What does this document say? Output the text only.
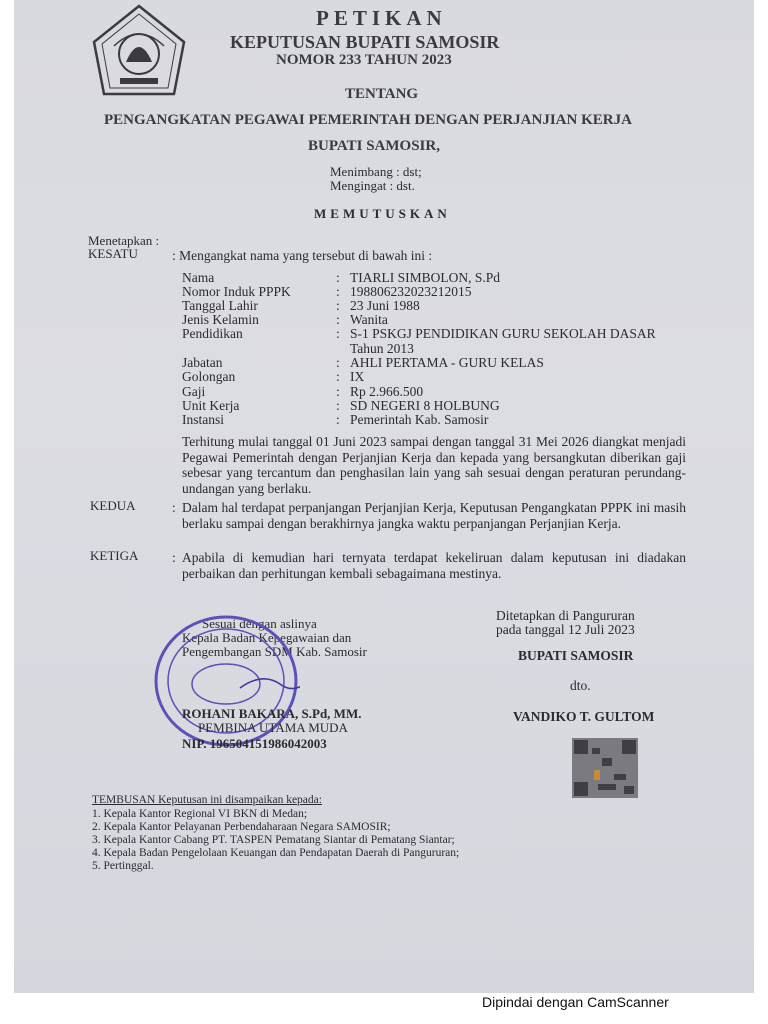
PETIKAN
KEPUTUSAN BUPATI SAMOSIR
NOMOR 233 TAHUN 2023
TENTANG
PENGANGKATAN PEGAWAI PEMERINTAH DENGAN PERJANJIAN KERJA
BUPATI SAMOSIR,
Menimbang : dst;
Mengingat : dst.
MEMUTUSKAN
Menetapkan :
KESATU	: Mengangkat nama yang tersebut di bawah ini :
Nama	: TIARLI SIMBOLON, S.Pd
Nomor Induk PPPK	: 198806232023212015
Tanggal Lahir	: 23 Juni 1988
Jenis Kelamin	: Wanita
Pendidikan	: S-1 PSKGJ PENDIDIKAN GURU SEKOLAH DASAR
Tahun 2013
Jabatan	: AHLI PERTAMA - GURU KELAS
Golongan	: IX
Gaji	: Rp 2.966.500
Unit Kerja	: SD NEGERI 8 HOLBUNG
Instansi	: Pemerintah Kab. Samosir
Terhitung mulai tanggal 01 Juni 2023 sampai dengan tanggal 31 Mei 2026 diangkat menjadi Pegawai Pemerintah dengan Perjanjian Kerja dan kepada yang bersangkutan diberikan gaji sebesar yang tercantum dan penghasilan lain yang sah sesuai dengan peraturan perundang-undangan yang berlaku.
KEDUA	: Dalam hal terdapat perpanjangan Perjanjian Kerja, Keputusan Pengangkatan PPPK ini masih berlaku sampai dengan berakhirnya jangka waktu perpanjangan Perjanjian Kerja.
KETIGA : Apabila di kemudian hari ternyata terdapat kekeliruan dalam keputusan ini diadakan perbaikan dan perhitungan kembali sebagaimana mestinya.
Ditetapkan di Pangururan
pada tanggal 12 Juli 2023
BUPATI SAMOSIR
dto.
VANDIKO T. GULTOM
Sesuai dengan aslinya
Kepala Badan Kepegawaian dan
Pengembangan SDM Kab. Samosir
ROHANI BAKARA, S.Pd, MM.
PEMBINA UTAMA MUDA
NIP. 196504151986042003
TEMBUSAN Keputusan ini disampaikan kepada:
1. Kepala Kantor Regional VI BKN di Medan;
2. Kepala Kantor Pelayanan Perbendaharaan Negara SAMOSIR;
3. Kepala Kantor Cabang PT. TASPEN Pematang Siantar di Pematang Siantar;
4. Kepala Badan Pengelolaan Keuangan dan Pendapatan Daerah di Pangururan;
5. Pertinggal.
Dipindai dengan CamScanner
